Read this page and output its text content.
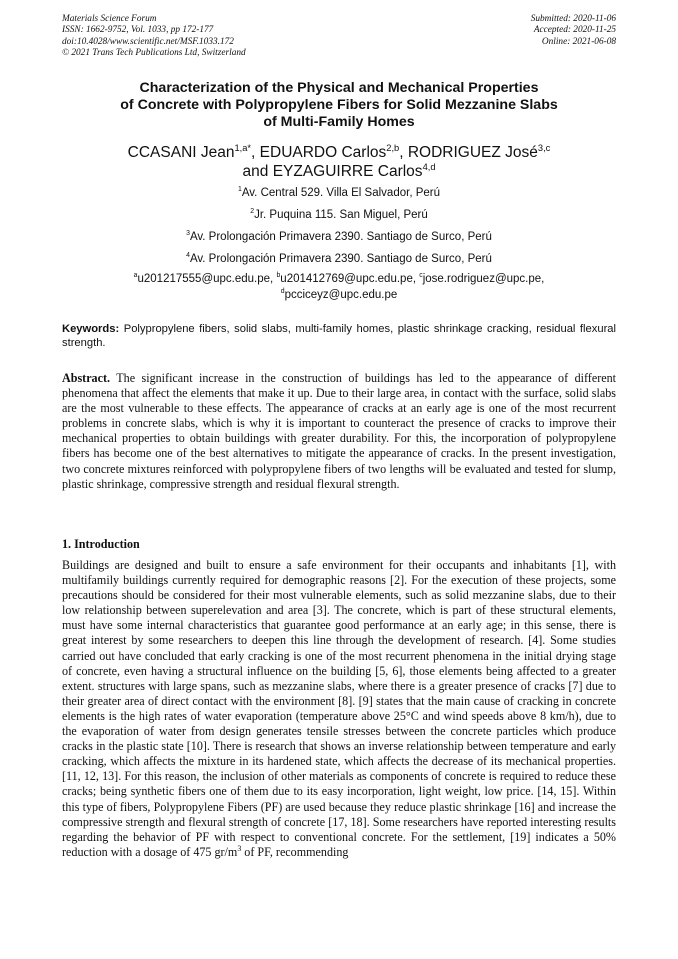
Materials Science Forum
ISSN: 1662-9752, Vol. 1033, pp 172-177
doi:10.4028/www.scientific.net/MSF.1033.172
© 2021 Trans Tech Publications Ltd, Switzerland
Submitted: 2020-11-06
Accepted: 2020-11-25
Online: 2021-06-08
Characterization of the Physical and Mechanical Properties
of Concrete with Polypropylene Fibers for Solid Mezzanine Slabs
of Multi-Family Homes
CCASANI Jean$^{1,a*}$, EDUARDO Carlos$^{2,b}$, RODRIGUEZ José$^{3,c}$
and EYZAGUIRRE Carlos$^{4,d}$
$^1$Av. Central 529. Villa El Salvador, Perú
$^2$Jr. Puquina 115. San Miguel, Perú
$^3$Av. Prolongación Primavera 2390. Santiago de Surco, Perú
$^4$Av. Prolongación Primavera 2390. Santiago de Surco, Perú
$^a$u201217555@upc.edu.pe, $^b$u201412769@upc.edu.pe, $^c$jose.rodriguez@upc.pe,
$^d$pcciceyz@upc.edu.pe
Keywords: Polypropylene fibers, solid slabs, multi-family homes, plastic shrinkage cracking, residual flexural strength.
Abstract. The significant increase in the construction of buildings has led to the appearance of different phenomena that affect the elements that make it up. Due to their large area, in contact with the surface, solid slabs are the most vulnerable to these effects. The appearance of cracks at an early age is one of the most recurrent problems in concrete slabs, which is why it is important to counteract the presence of cracks to improve their mechanical properties to obtain buildings with greater durability. For this, the incorporation of polypropylene fibers has become one of the best alternatives to mitigate the appearance of cracks. In the present investigation, two concrete mixtures reinforced with polypropylene fibers of two lengths will be evaluated and tested for slump, plastic shrinkage, compressive strength and residual flexural strength.
1. Introduction
Buildings are designed and built to ensure a safe environment for their occupants and inhabitants [1], with multifamily buildings currently required for demographic reasons [2]. For the execution of these projects, some precautions should be considered for their most vulnerable elements, such as solid mezzanine slabs, due to their low relationship between superelevation and area [3]. The concrete, which is part of these structural elements, must have some internal characteristics that guarantee good performance at an early age; in this sense, there is great interest by some researchers to deepen this line through the development of research. [4]. Some studies carried out have concluded that early cracking is one of the most recurrent phenomena in the initial drying stage of concrete, even having a structural influence on the building [5, 6], those elements being affected to a greater extent. structures with large spans, such as mezzanine slabs, where there is a greater presence of cracks [7] due to their greater area of direct contact with the environment [8]. [9] states that the main cause of cracking in concrete elements is the high rates of water evaporation (temperature above 25°C and wind speeds above 8 km/h), due to the evaporation of water from design generates tensile stresses between the concrete particles which produce cracks in the plastic state [10]. There is research that shows an inverse relationship between temperature and early cracking, which affects the mixture in its hardened state, which affects the decrease of its mechanical properties.[11, 12, 13]. For this reason, the inclusion of other materials as components of concrete is required to reduce these cracks; being synthetic fibers one of them due to its easy incorporation, light weight, low price. [14, 15]. Within this type of fibers, Polypropylene Fibers (PF) are used because they reduce plastic shrinkage [16] and increase the compressive strength and flexural strength of concrete [17, 18]. Some researchers have reported interesting results regarding the behavior of PF with respect to conventional concrete. For the settlement, [19] indicates a 50% reduction with a dosage of 475 $gr/m^3$ of PF, recommending
